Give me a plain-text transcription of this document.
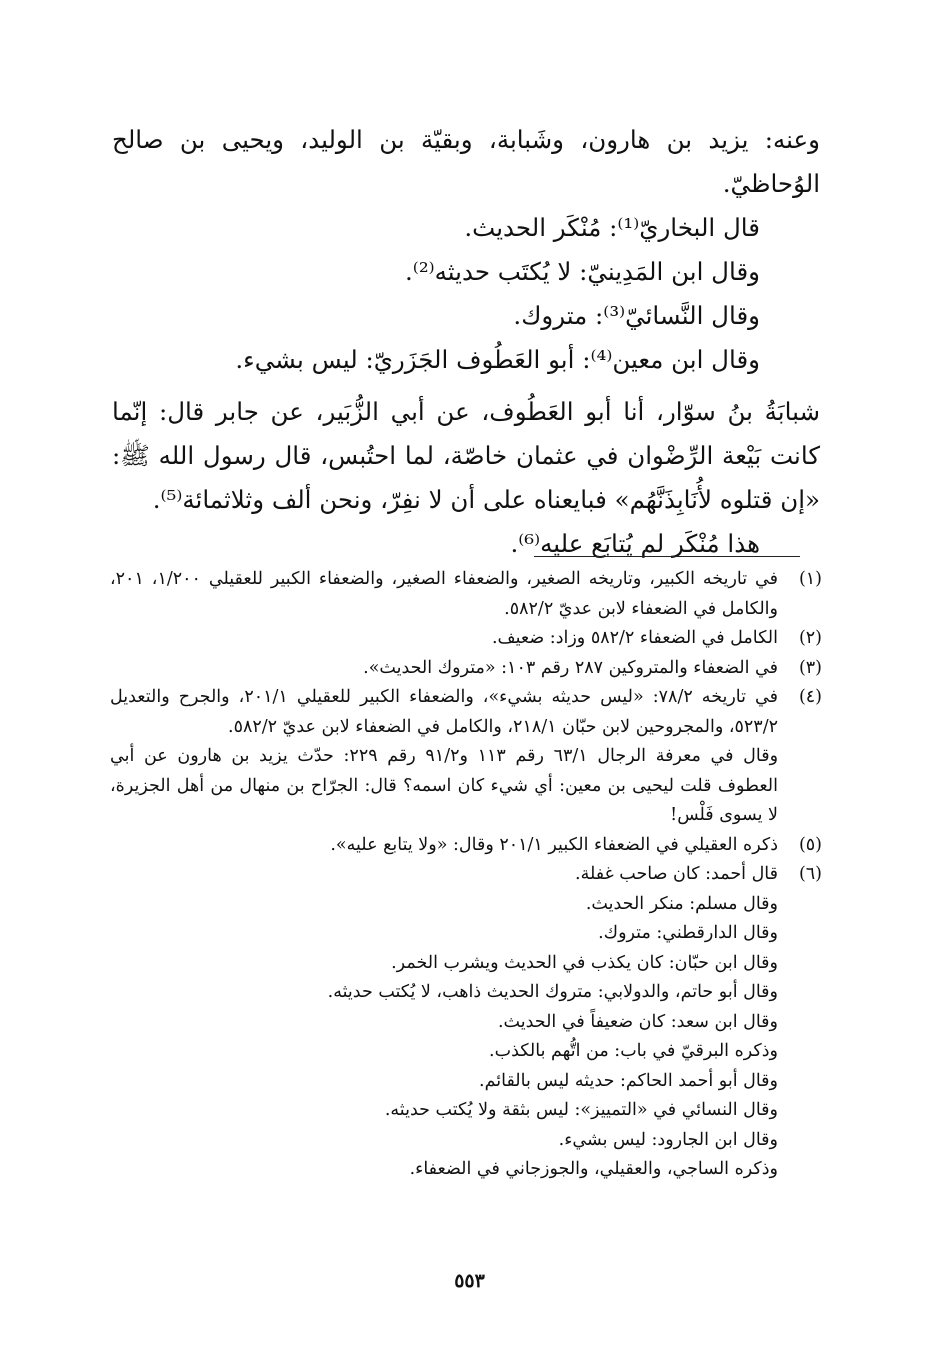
وعنه: يزيد بن هارون، وشَبابة، وبقيّة بن الوليد، ويحيى بن صالح الوُحاظيّ.

قال البخاريّ⁽¹⁾: مُنْكَر الحديث.

وقال ابن المَدِينيّ: لا يُكتَب حديثه⁽²⁾.

وقال النَّسائيّ⁽³⁾: متروك.

وقال ابن معين⁽⁴⁾: أبو العَطُوف الجَزَريّ: ليس بشيء.

شبابَةُ بنُ سوّار، أنا أبو العَطُوف، عن أبي الزُّبَير، عن جابر قال: إنّما كانت بَيْعة الرِّضْوان في عثمان خاصّة، لما احتُبس، قال رسول الله ﷺ: «إن قتلوه لأُنَابِذَنَّهُم» فبايعناه على أن لا نفِرّ، ونحن ألف وثلاثمائة⁽⁵⁾.

هذا مُنْكَر لم يُتابَع عليه⁽⁶⁾.

(١)

في تاريخه الكبير، وتاريخه الصغير، والضعفاء الصغير، والضعفاء الكبير للعقيلي ١/٢٠٠، ٢٠١، والكامل في الضعفاء لابن عديّ ٥٨٢/٢.

(٢)

الكامل في الضعفاء ٥٨٢/٢ وزاد: ضعيف.

(٣)

في الضعفاء والمتروكين ٢٨٧ رقم ١٠٣: «متروك الحديث».

(٤)

في تاريخه ٧٨/٢: «ليس حديثه بشيء»، والضعفاء الكبير للعقيلي ٢٠١/١، والجرح والتعديل ٥٢٣/٢، والمجروحين لابن حبّان ٢١٨/١، والكامل في الضعفاء لابن عديّ ٥٨٢/٢.

وقال في معرفة الرجال ٦٣/١ رقم ١١٣ و٩١/٢ رقم ٢٢٩: حدّث يزيد بن هارون عن أبي العطوف قلت ليحيى بن معين: أي شيء كان اسمه؟ قال: الجرّاح بن منهال من أهل الجزيرة، لا يسوى فَلْس!

(٥)

ذكره العقيلي في الضعفاء الكبير ٢٠١/١ وقال: «ولا يتابع عليه».

(٦)

قال أحمد: كان صاحب غفلة.

وقال مسلم: منكر الحديث.

وقال الدارقطني: متروك.

وقال ابن حبّان: كان يكذب في الحديث ويشرب الخمر.

وقال أبو حاتم، والدولابي: متروك الحديث ذاهب، لا يُكتب حديثه.

وقال ابن سعد: كان ضعيفاً في الحديث.

وذكره البرقيّ في باب: من اتُّهم بالكذب.

وقال أبو أحمد الحاكم: حديثه ليس بالقائم.

وقال النسائي في «التمييز»: ليس بثقة ولا يُكتب حديثه.

وقال ابن الجارود: ليس بشيء.

وذكره الساجي، والعقيلي، والجوزجاني في الضعفاء.

٥٥٣
